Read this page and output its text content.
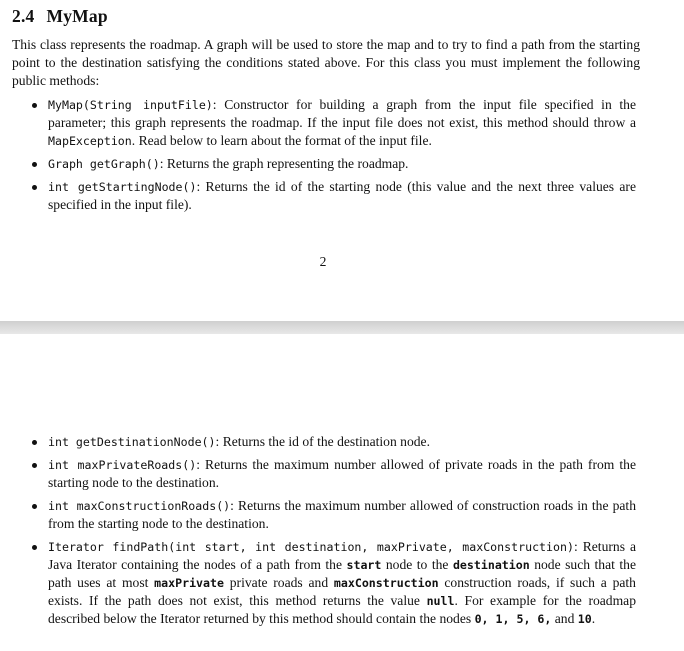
2.4 MyMap

This class represents the roadmap. A graph will be used to store the map and to try to find a path from the starting point to the destination satisfying the conditions stated above. For this class you must implement the following public methods:

MyMap(String inputFile): Constructor for building a graph from the input file specified in the parameter; this graph represents the roadmap. If the input file does not exist, this method should throw a MapException. Read below to learn about the format of the input file.
Graph getGraph(): Returns the graph representing the roadmap.
int getStartingNode(): Returns the id of the starting node (this value and the next three values are specified in the input file).
2
int getDestinationNode(): Returns the id of the destination node.
int maxPrivateRoads(): Returns the maximum number allowed of private roads in the path from the starting node to the destination.
int maxConstructionRoads(): Returns the maximum number allowed of construction roads in the path from the starting node to the destination.
Iterator findPath(int start, int destination, maxPrivate, maxConstruction): Returns a Java Iterator containing the nodes of a path from the start node to the destination node such that the path uses at most maxPrivate private roads and maxConstruction construction roads, if such a path exists. If the path does not exist, this method returns the value null. For example for the roadmap described below the Iterator returned by this method should contain the nodes 0, 1, 5, 6, and 10.
